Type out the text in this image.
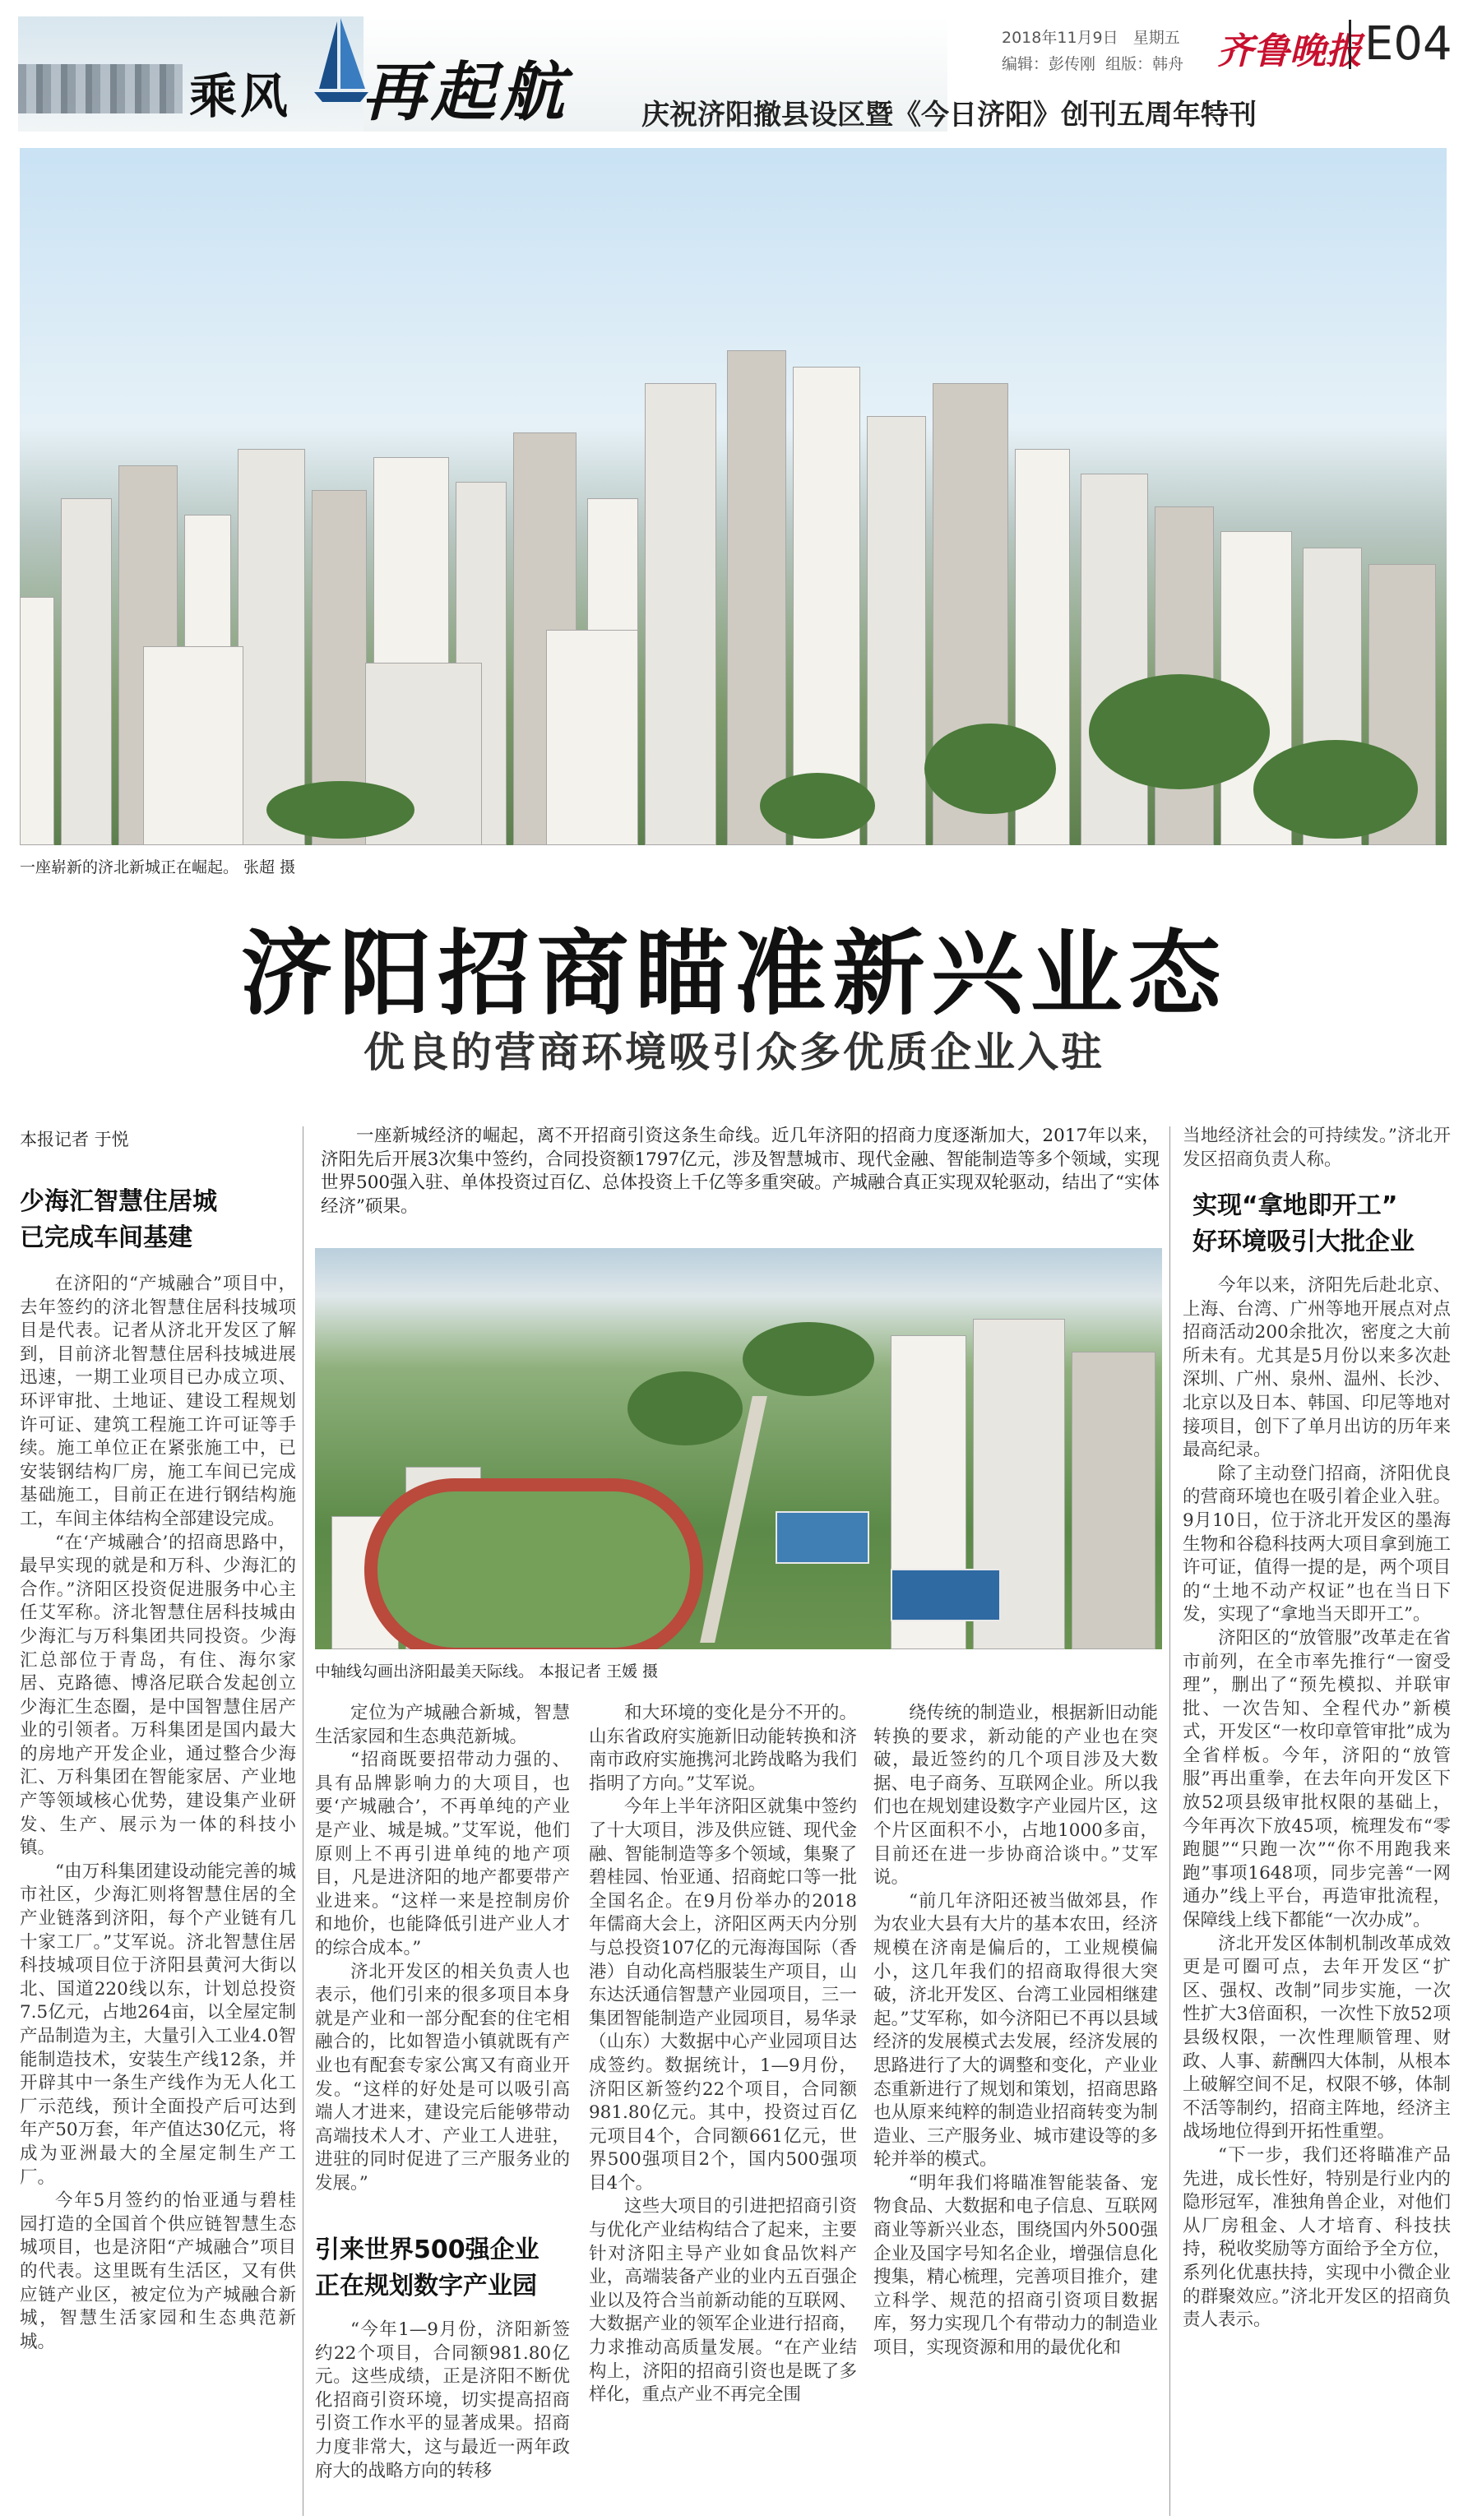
乘风 再起航	庆祝济阳撤县设区暨《今日济阳》创刊五周年特刊
2018年11月9日 星期五
编辑：彭传刚 组版：韩舟 齐鲁晚报 E04
一座崭新的济北新城正在崛起。 张超 摄
济阳招商瞄准新兴业态
优良的营商环境吸引众多优质企业入驻
本报记者 于悦
少海汇智慧住居城
已完成车间基建

在济阳的“产城融合”项目中，去年签约的济北智慧住居科技城项目是代表。记者从济北开发区了解到，目前济北智慧住居科技城进展迅速，一期工业项目已办成立项、环评审批、土地证、建设工程规划许可证、建筑工程施工许可证等手续。施工单位正在紧张施工中，已安装钢结构厂房，施工车间已完成基础施工，目前正在进行钢结构施工，车间主体结构全部建设完成。

“在‘产城融合’的招商思路中，最早实现的就是和万科、少海汇的合作。”济阳区投资促进服务中心主任艾军称。济北智慧住居科技城由少海汇与万科集团共同投资。少海汇总部位于青岛，有住、海尔家居、克路德、博洛尼联合发起创立少海汇生态圈，是中国智慧住居产业的引领者。万科集团是国内最大的房地产开发企业，通过整合少海汇、万科集团在智能家居、产业地产等领域核心优势，建设集产业研发、生产、展示为一体的科技小镇。

“由万科集团建设动能完善的城市社区，少海汇则将智慧住居的全产业链落到济阳，每个产业链有几十家工厂。”艾军说。济北智慧住居科技城项目位于济阳县黄河大街以北、国道220线以东，计划总投资7.5亿元，占地264亩，以全屋定制产品制造为主，大量引入工业4.0智能制造技术，安装生产线12条，并开辟其中一条生产线作为无人化工厂示范线，预计全面投产后可达到年产50万套，年产值达30亿元，将成为亚洲最大的全屋定制生产工厂。

今年5月签约的怡亚通与碧桂园打造的全国首个供应链智慧生态城项目，也是济阳“产城融合”项目的代表。这里既有生活区，又有供应链产业区，被定位为产城融合新城，智慧生活家园和生态典范新城。

一座新城经济的崛起，离不开招商引资这条生命线。近几年济阳的招商力度逐渐加大，2017年以来，济阳先后开展3次集中签约，合同投资额1797亿元，涉及智慧城市、现代金融、智能制造等多个领域，实现世界500强入驻、单体投资过百亿、总体投资上千亿等多重突破。产城融合真正实现双轮驱动，结出了“实体经济”硕果。

中轴线勾画出济阳最美天际线。 本报记者 王媛 摄

定位为产城融合新城，智慧生活家园和生态典范新城。

“招商既要招带动力强的、具有品牌影响力的大项目，也要‘产城融合’，不再单纯的产业是产业、城是城。”艾军说，他们原则上不再引进单纯的地产项目，凡是进济阳的地产都要带产业进来。“这样一来是控制房价和地价，也能降低引进产业人才的综合成本。”

济北开发区的相关负责人也表示，他们引来的很多项目本身就是产业和一部分配套的住宅相融合的，比如智造小镇就既有产业也有配套专家公寓又有商业开发。“这样的好处是可以吸引高端人才进来，建设完后能够带动高端技术人才、产业工人进驻，进驻的同时促进了三产服务业的发展。”

引来世界500强企业
正在规划数字产业园

“今年1—9月份，济阳新签约22个项目，合同额981.80亿元。这些成绩，正是济阳不断优化招商引资环境，切实提高招商引资工作水平的显著成果。招商力度非常大，这与最近一两年政府大的战略方向的转移

和大环境的变化是分不开的。山东省政府实施新旧动能转换和济南市政府实施携河北跨战略为我们指明了方向。”艾军说。

今年上半年济阳区就集中签约了十大项目，涉及供应链、现代金融、智能制造等多个领域，集聚了碧桂园、怡亚通、招商蛇口等一批全国名企。在9月份举办的2018年儒商大会上，济阳区两天内分别与总投资107亿的元海海国际（香港）自动化高档服装生产项目，山东达沃通信智慧产业园项目，三一集团智能制造产业园项目，易华录（山东）大数据中心产业园项目达成签约。数据统计，1—9月份，济阳区新签约22个项目，合同额981.80亿元。其中，投资过百亿元项目4个，合同额661亿元，世界500强项目2个，国内500强项目4个。

这些大项目的引进把招商引资与优化产业结构结合了起来，主要针对济阳主导产业如食品饮料产业，高端装备产业的业内五百强企业以及符合当前新动能的互联网、大数据产业的领军企业进行招商，力求推动高质量发展。“在产业结构上，济阳的招商引资也是既了多样化，重点产业不再完全围

绕传统的制造业，根据新旧动能转换的要求，新动能的产业也在突破，最近签约的几个项目涉及大数据、电子商务、互联网企业。所以我们也在规划建设数字产业园片区，这个片区面积不小，占地1000多亩，目前还在进一步协商洽谈中。”艾军说。

“前几年济阳还被当做郊县，作为农业大县有大片的基本农田，经济规模在济南是偏后的，工业规模偏小，这几年我们的招商取得很大突破，济北开发区、台湾工业园相继建起。”艾军称，如今济阳已不再以县域经济的发展模式去发展，经济发展的思路进行了大的调整和变化，产业业态重新进行了规划和策划，招商思路也从原来纯粹的制造业招商转变为制造业、三产服务业、城市建设等的多轮并举的模式。

“明年我们将瞄准智能装备、宠物食品、大数据和电子信息、互联网商业等新兴业态，围绕国内外500强企业及国字号知名企业，增强信息化搜集，精心梳理，完善项目推介，建立科学、规范的招商引资项目数据库，努力实现几个有带动力的制造业项目，实现资源和用的最优化和

当地经济社会的可持续发。”济北开发区招商负责人称。

实现“拿地即开工”
好环境吸引大批企业

今年以来，济阳先后赴北京、上海、台湾、广州等地开展点对点招商活动200余批次，密度之大前所未有。尤其是5月份以来多次赴深圳、广州、泉州、温州、长沙、北京以及日本、韩国、印尼等地对接项目，创下了单月出访的历年来最高纪录。

除了主动登门招商，济阳优良的营商环境也在吸引着企业入驻。9月10日，位于济北开发区的墨海生物和谷稳科技两大项目拿到施工许可证，值得一提的是，两个项目的“土地不动产权证”也在当日下发，实现了“拿地当天即开工”。

济阳区的“放管服”改革走在省市前列，在全市率先推行“一窗受理”，删出了“预先模拟、并联审批、一次告知、全程代办”新模式，开发区“一枚印章管审批”成为全省样板。今年，济阳的“放管服”再出重拳，在去年向开发区下放52项县级审批权限的基础上，今年再次下放45项，梳理发布“零跑腿”“只跑一次”“你不用跑我来跑”事项1648项，同步完善“一网通办”线上平台，再造审批流程，保障线上线下都能“一次办成”。

济北开发区体制机制改革成效更是可圈可点，去年开发区“扩区、强权、改制”同步实施，一次性扩大3倍面积，一次性下放52项县级权限，一次性理顺管理、财政、人事、薪酬四大体制，从根本上破解空间不足，权限不够，体制不活等制约，招商主阵地，经济主战场地位得到开拓性重塑。

“下一步，我们还将瞄准产品先进，成长性好，特别是行业内的隐形冠军，准独角兽企业，对他们从厂房租金、人才培育、科技扶持，税收奖励等方面给予全方位，系列化优惠扶持，实现中小微企业的群聚效应。”济北开发区的招商负责人表示。
